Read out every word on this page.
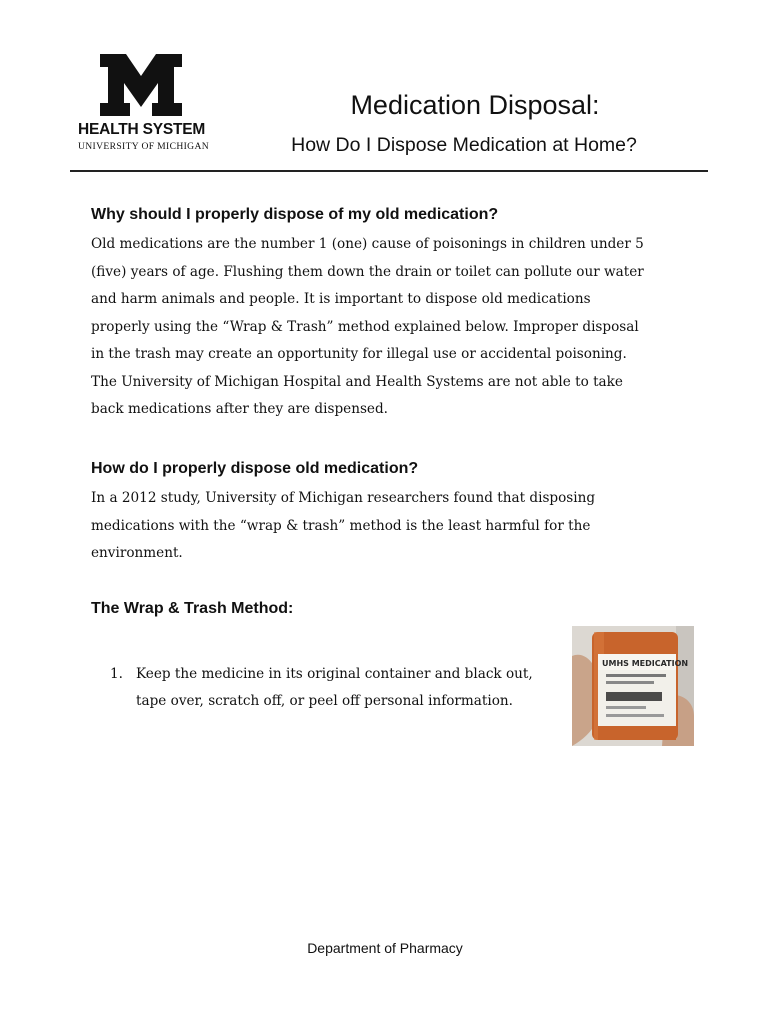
HEALTH SYSTEM
UNIVERSITY OF MICHIGAN
Medication Disposal:
How Do I Dispose Medication at Home?
Why should I properly dispose of my old medication?
Old medications are the number 1 (one) cause of poisonings in children under 5
(five) years of age. Flushing them down the drain or toilet can pollute our water
and harm animals and people. It is important to dispose old medications
properly using the “Wrap & Trash” method explained below. Improper disposal
in the trash may create an opportunity for illegal use or accidental poisoning.
The University of Michigan Hospital and Health Systems are not able to take
back medications after they are dispensed.
How do I properly dispose old medication?
In a 2012 study, University of Michigan researchers found that disposing
medications with the “wrap & trash” method is the least harmful for the
environment.
The Wrap & Trash Method:
1. Keep the medicine in its original container and black out,
tape over, scratch off, or peel off personal information.
UMHS MEDICATION

Department of Pharmacy
